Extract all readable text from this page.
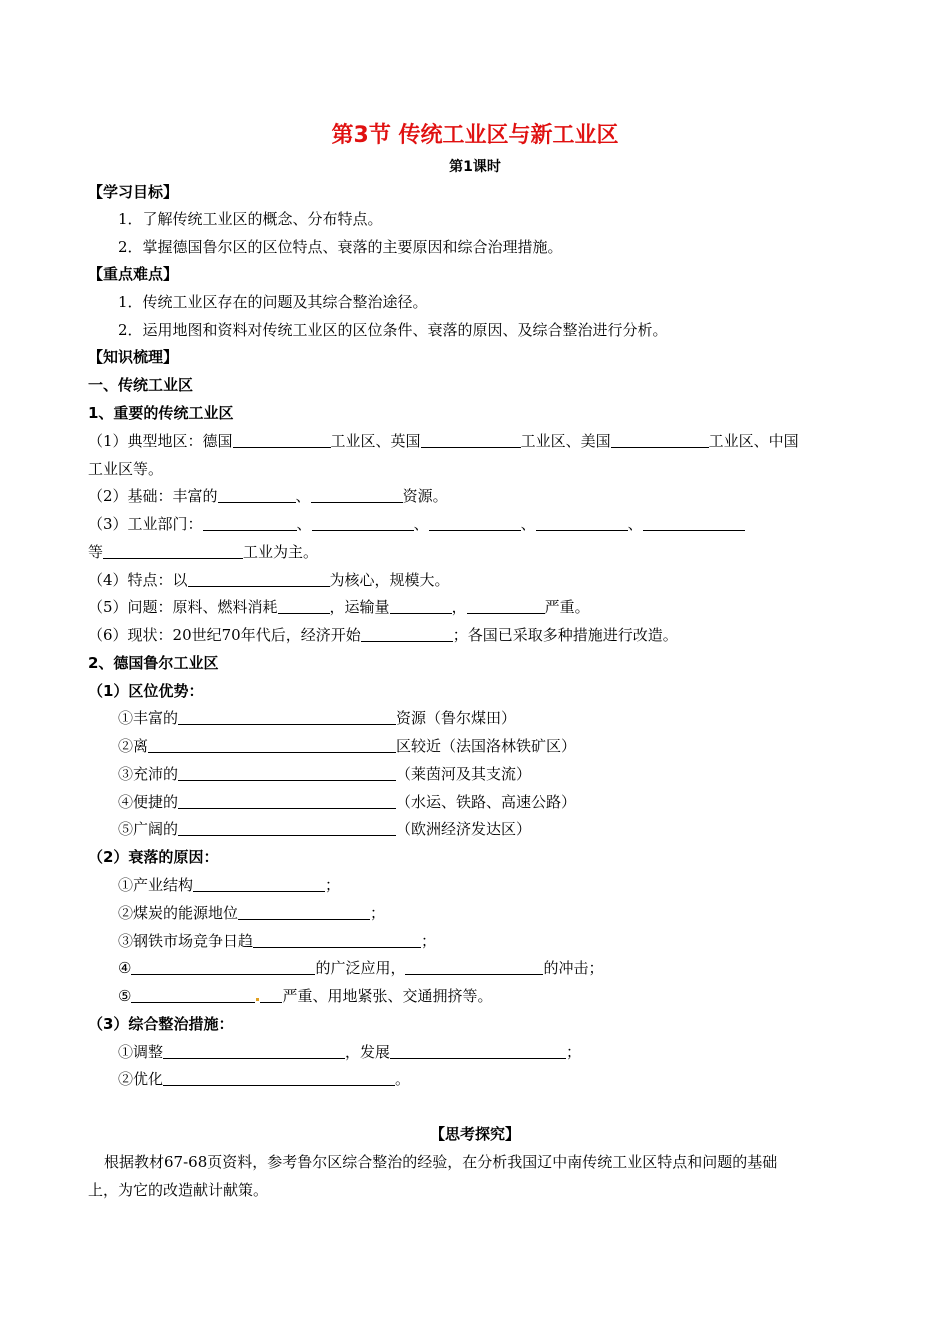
第3节 传统工业区与新工业区
第1课时
【学习目标】
1．了解传统工业区的概念、分布特点。
2．掌握德国鲁尔区的区位特点、衰落的主要原因和综合治理措施。
【重点难点】
1．传统工业区存在的问题及其综合整治途径。
2．运用地图和资料对传统工业区的区位条件、衰落的原因、及综合整治进行分析。
【知识梳理】
一、传统工业区
1、重要的传统工业区
（1）典型地区：德国	工业区、英国	工业区、美国	工业区、中国
工业区等。
（2）基础：丰富的	、	资源。
（3）工业部门：	、	、	、	、
等	工业为主。
（4）特点：以	为核心，规模大。
（5）问题：原料、燃料消耗	，运输量	，	严重。
（6）现状：20世纪70年代后，经济开始	；各国已采取多种措施进行改造。
2、德国鲁尔工业区
（1）区位优势：
①丰富的	资源（鲁尔煤田）
②离	区较近（法国洛林铁矿区）
③充沛的	（莱茵河及其支流）
④便捷的	（水运、铁路、高速公路）
⑤广阔的	（欧洲经济发达区）
（2）衰落的原因：
①产业结构	；
②煤炭的能源地位	；
③钢铁市场竞争日趋	；
④	的广泛应用，	的冲击；
⑤	严重、用地紧张、交通拥挤等。
（3）综合整治措施：
①调整	，发展	；
②优化	。
【思考探究】
根据教材67-68页资料，参考鲁尔区综合整治的经验，在分析我国辽中南传统工业区特点和问题的基础
上，为它的改造献计献策。
